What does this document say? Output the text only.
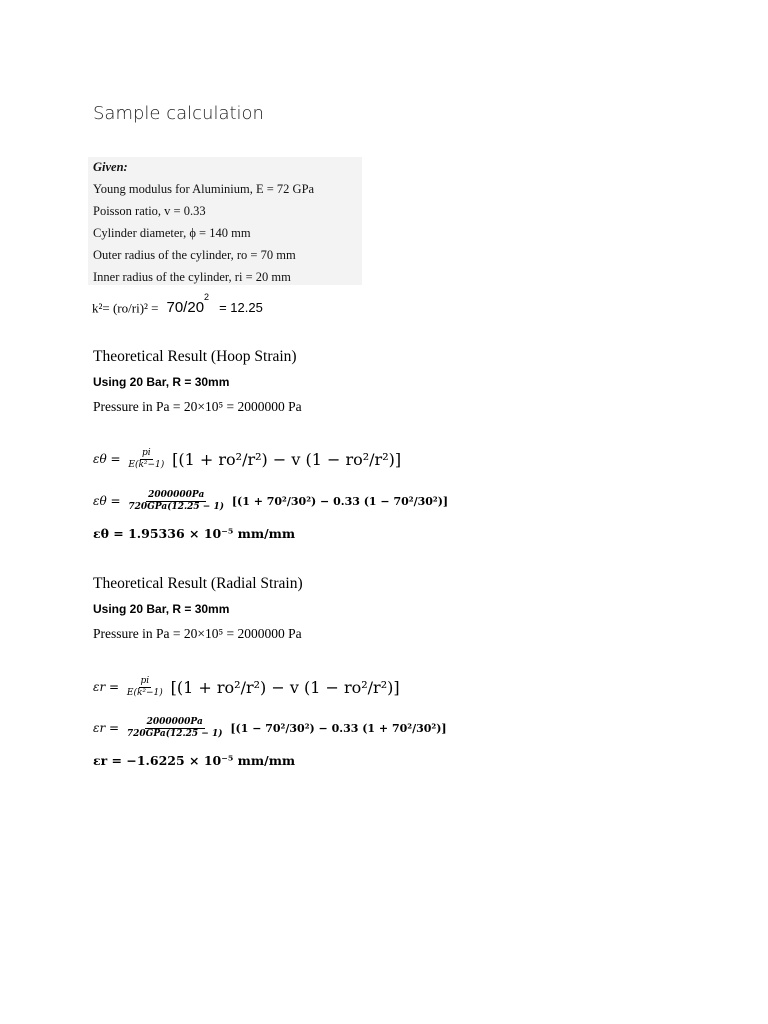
Sample calculation
Given:
Young modulus for Aluminium, E = 72 GPa
Poisson ratio, v = 0.33
Cylinder diameter, ϕ = 140 mm
Outer radius of the cylinder, ro = 70 mm
Inner radius of the cylinder, ri = 20 mm
$k^2= (ro/ri)^2 = 70/20^2 = 12.25$
Theoretical Result (Hoop Strain)
Using 20 Bar, R = 30mm
Pressure in Pa = 20×10⁵ = 2000000 Pa
$\varepsilon\theta = \frac{pi}{\text{E(k²−1)}} [(1 + ro^2/r^2) - v$ (1 − ro²/r²)]
$\varepsilon\theta = \frac{2000000Pa}{\text{720GPa(12.25 − 1)}} [(1 + 70^2/30^2) - 0.33$ (1 − 70²/30²)]
εθ = 1.95336 × 10⁻⁵ mm/mm
Theoretical Result (Radial Strain)
Using 20 Bar, R = 30mm
Pressure in Pa = 20×10⁵ = 2000000 Pa
$\varepsilon r = \frac{pi}{\text{E(k²−1)}} [(1 + ro^2/r^2) - v$ (1 − ro²/r²)]
$\varepsilon r = \frac{2000000Pa}{\text{720GPa(12.25 − 1)}} [(1 - 70^2/30^2) - 0.33$ (1 + 70²/30²)]
εr = −1.6225 × 10⁻⁵ mm/mm
